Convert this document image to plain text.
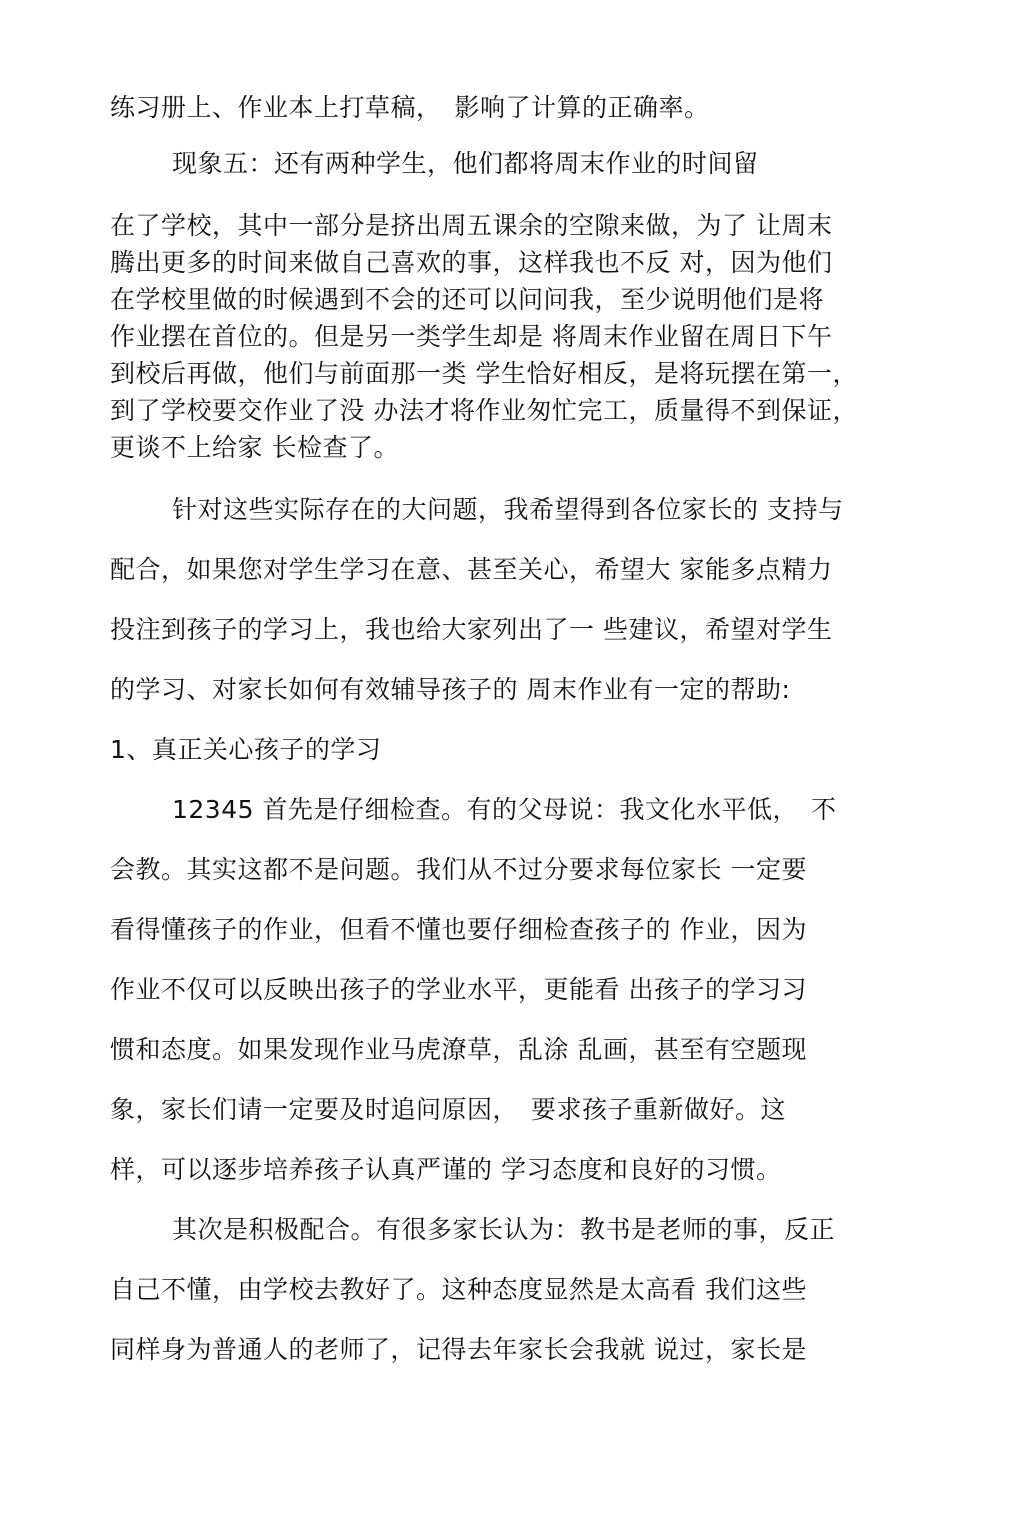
练习册上、作业本上打草稿，　影响了计算的正确率。
现象五：还有两种学生，他们都将周末作业的时间留
在了学校，其中一部分是挤出周五课余的空隙来做，为了 让周末
腾出更多的时间来做自己喜欢的事，这样我也不反 对，因为他们
在学校里做的时候遇到不会的还可以问问我，至少说明他们是将
作业摆在首位的。但是另一类学生却是 将周末作业留在周日下午
到校后再做，他们与前面那一类 学生恰好相反，是将玩摆在第一，
到了学校要交作业了没 办法才将作业匆忙完工，质量得不到保证，
更谈不上给家 长检查了。
针对这些实际存在的大问题，我希望得到各位家长的 支持与
配合，如果您对学生学习在意、甚至关心，希望大 家能多点精力
投注到孩子的学习上，我也给大家列出了一 些建议，希望对学生
的学习、对家长如何有效辅导孩子的 周末作业有一定的帮助:
1、真正关心孩子的学习
12345 首先是仔细检查。有的父母说：我文化水平低，　不
会教。其实这都不是问题。我们从不过分要求每位家长 一定要
看得懂孩子的作业，但看不懂也要仔细检查孩子的 作业，因为
作业不仅可以反映出孩子的学业水平，更能看 出孩子的学习习
惯和态度。如果发现作业马虎潦草，乱涂 乱画，甚至有空题现
象，家长们请一定要及时追问原因，　要求孩子重新做好。这
样，可以逐步培养孩子认真严谨的 学习态度和良好的习惯。
其次是积极配合。有很多家长认为：教书是老师的事，反正
自己不懂，由学校去教好了。这种态度显然是太高看 我们这些
同样身为普通人的老师了，记得去年家长会我就 说过，家长是
